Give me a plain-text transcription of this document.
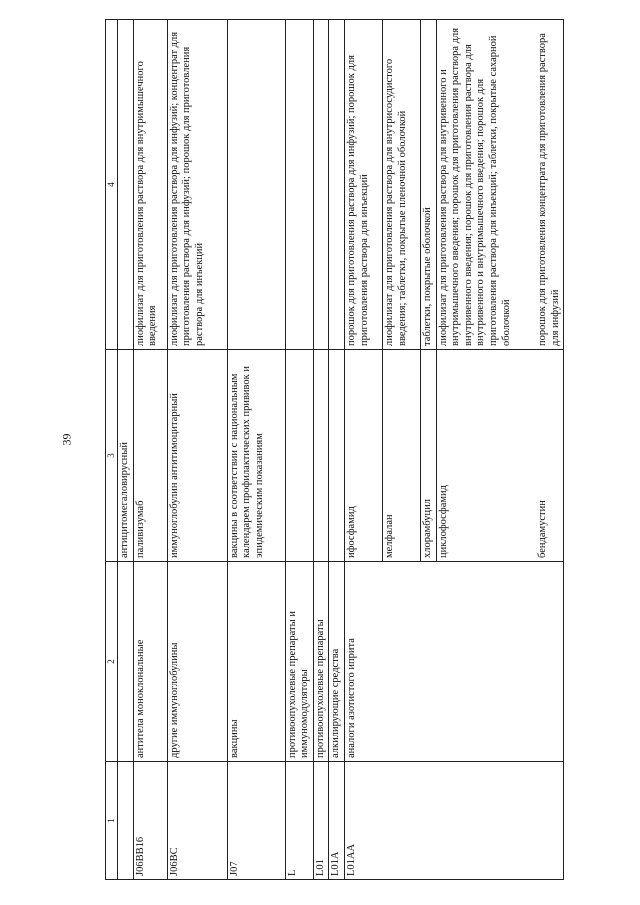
39
1	2	3	4
		антицитомегаловирусный	
J06BB16	антитела моноклональные	паливизумаб	лиофилизат для приготовления раствора для внутримышечного введения
J06BC	другие иммуноглобулины	иммуноглобулин антитимоцитарный	лиофилизат для приготовления раствора для инфузий; концентрат для приготовления раствора для инфузий; порошок для приготовления раствора для инъекций
J07	вакцины	вакцины в соответствии с национальным календарем профилактических прививок и эпидемическим показаниям	
L	противоопухолевые препараты и иммуномодуляторы		
L01	противоопухолевые препараты		
L01A	алкилирующие средства		
L01AA	аналоги азотистого иприта	ифосфамид	порошок для приготовления раствора для инфузий; порошок для приготовления раствора для инъекций
		мелфалан	лиофилизат для приготовления раствора для внутрисосудистого введения; таблетки, покрытые пленочной оболочкой
		хлорамбуцил	таблетки, покрытые оболочкой
		циклофосфамид	лиофилизат для приготовления раствора для внутривенного и внутримышечного введения; порошок для приготовления раствора для внутривенного введения; порошок для приготовления раствора для внутривенного и внутримышечного введения; порошок для приготовления раствора для инъекций; таблетки, покрытые сахарной оболочкой
		бендамустин	порошок для приготовления концентрата для приготовления раствора для инфузий
